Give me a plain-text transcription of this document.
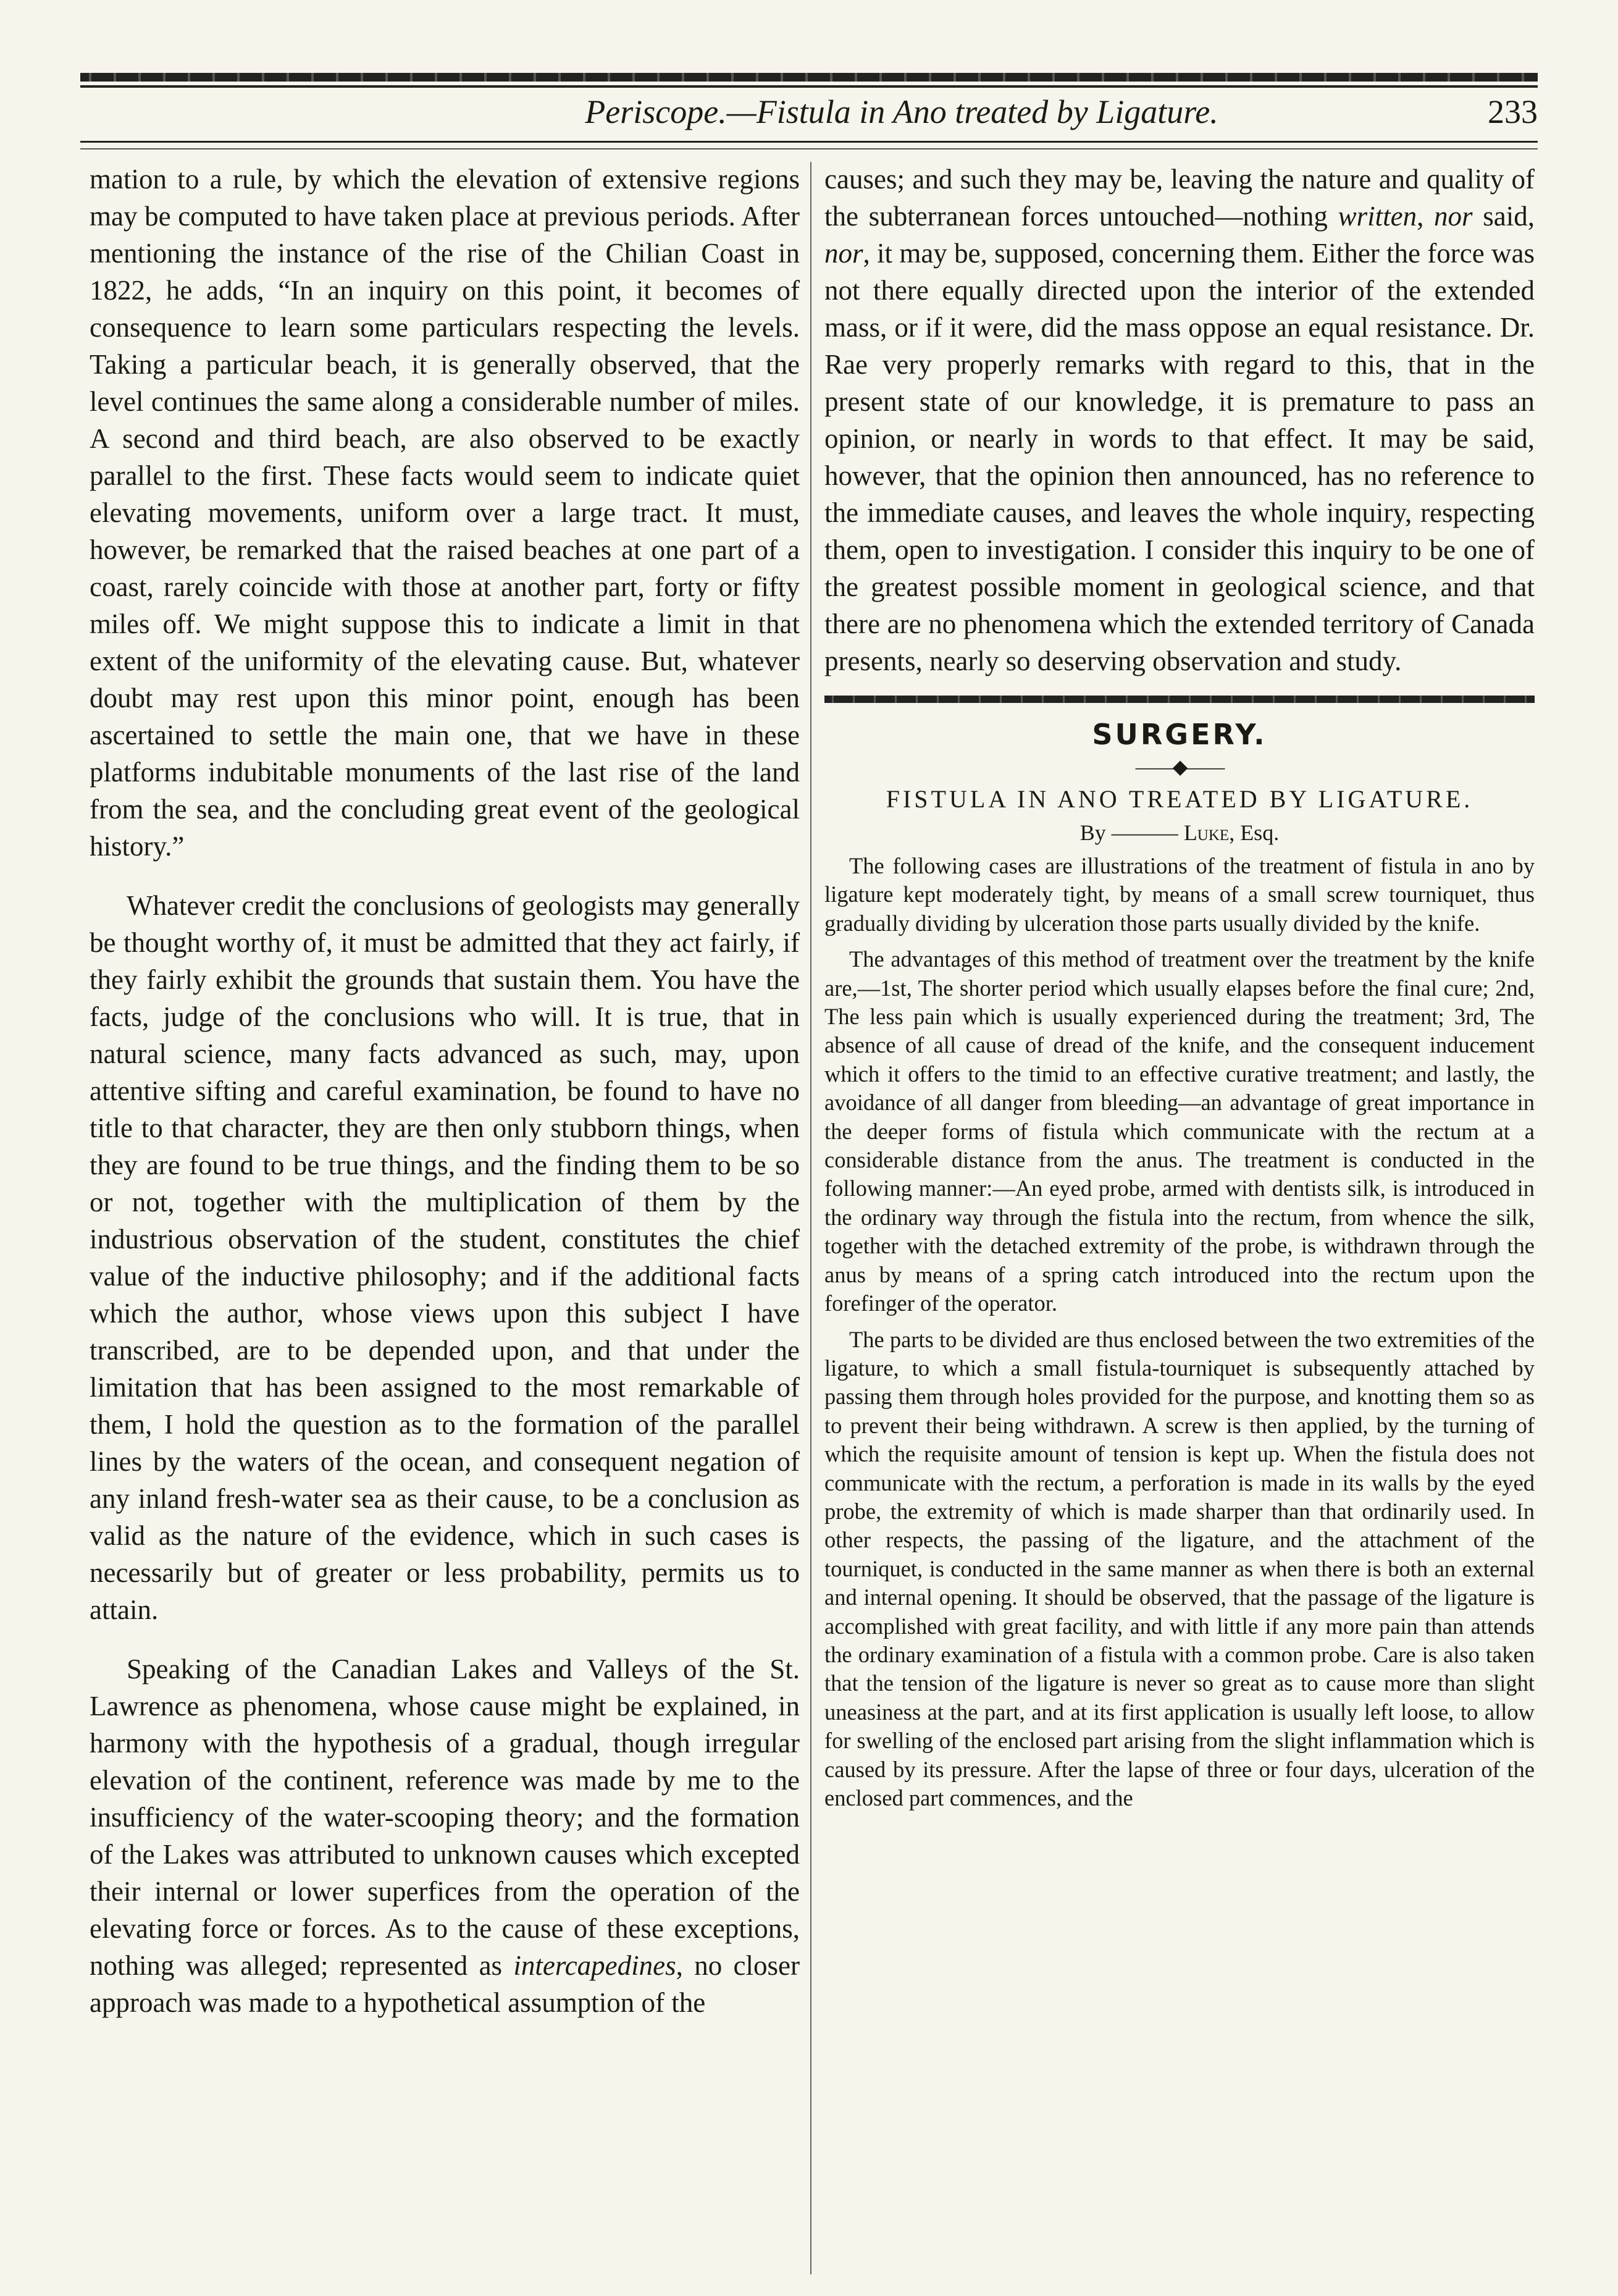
Periscope.—Fistula in Ano treated by Ligature.	233

mation to a rule, by which the elevation of extensive regions may be computed to have taken place at previous periods. After mentioning the instance of the rise of the Chilian Coast in 1822, he adds, “In an inquiry on this point, it becomes of consequence to learn some particulars respecting the levels. Taking a particular beach, it is generally observed, that the level continues the same along a considerable number of miles. A second and third beach, are also observed to be exactly parallel to the first. These facts would seem to indicate quiet elevating movements, uniform over a large tract. It must, however, be remarked that the raised beaches at one part of a coast, rarely coincide with those at another part, forty or fifty miles off. We might suppose this to indicate a limit in that extent of the uniformity of the elevating cause. But, whatever doubt may rest upon this minor point, enough has been ascertained to settle the main one, that we have in these platforms indubitable monuments of the last rise of the land from the sea, and the concluding great event of the geological history.”

Whatever credit the conclusions of geologists may generally be thought worthy of, it must be admitted that they act fairly, if they fairly exhibit the grounds that sustain them. You have the facts, judge of the conclusions who will. It is true, that in natural science, many facts advanced as such, may, upon attentive sifting and careful examination, be found to have no title to that character, they are then only stubborn things, when they are found to be true things, and the finding them to be so or not, together with the multiplication of them by the industrious observation of the student, constitutes the chief value of the inductive philosophy; and if the additional facts which the author, whose views upon this subject I have transcribed, are to be depended upon, and that under the limitation that has been assigned to the most remarkable of them, I hold the question as to the formation of the parallel lines by the waters of the ocean, and consequent negation of any inland fresh-water sea as their cause, to be a conclusion as valid as the nature of the evidence, which in such cases is necessarily but of greater or less probability, permits us to attain.

Speaking of the Canadian Lakes and Valleys of the St. Lawrence as phenomena, whose cause might be explained, in harmony with the hypothesis of a gradual, though irregular elevation of the continent, reference was made by me to the insufficiency of the water-scooping theory; and the formation of the Lakes was attributed to unknown causes which excepted their internal or lower superfices from the operation of the elevating force or forces. As to the cause of these exceptions, nothing was alleged; represented as intercapedines, no closer approach was made to a hypothetical assumption of the

causes; and such they may be, leaving the nature and quality of the subterranean forces untouched—nothing written, nor said, nor, it may be, supposed, concerning them. Either the force was not there equally directed upon the interior of the extended mass, or if it were, did the mass oppose an equal resistance. Dr. Rae very properly remarks with regard to this, that in the present state of our knowledge, it is premature to pass an opinion, or nearly in words to that effect. It may be said, however, that the opinion then announced, has no reference to the immediate causes, and leaves the whole inquiry, respecting them, open to investigation. I consider this inquiry to be one of the greatest possible moment in geological science, and that there are no phenomena which the extended territory of Canada presents, nearly so deserving observation and study.

SURGERY.
——◆——
FISTULA IN ANO TREATED BY LIGATURE.
By ——— Luke, Esq.

The following cases are illustrations of the treatment of fistula in ano by ligature kept moderately tight, by means of a small screw tourniquet, thus gradually dividing by ulceration those parts usually divided by the knife.

The advantages of this method of treatment over the treatment by the knife are,—1st, The shorter period which usually elapses before the final cure; 2nd, The less pain which is usually experienced during the treatment; 3rd, The absence of all cause of dread of the knife, and the consequent inducement which it offers to the timid to an effective curative treatment; and lastly, the avoidance of all danger from bleeding—an advantage of great importance in the deeper forms of fistula which communicate with the rectum at a considerable distance from the anus. The treatment is conducted in the following manner:—An eyed probe, armed with dentists silk, is introduced in the ordinary way through the fistula into the rectum, from whence the silk, together with the detached extremity of the probe, is withdrawn through the anus by means of a spring catch introduced into the rectum upon the forefinger of the operator.

The parts to be divided are thus enclosed between the two extremities of the ligature, to which a small fistula-tourniquet is subsequently attached by passing them through holes provided for the purpose, and knotting them so as to prevent their being withdrawn. A screw is then applied, by the turning of which the requisite amount of tension is kept up. When the fistula does not communicate with the rectum, a perforation is made in its walls by the eyed probe, the extremity of which is made sharper than that ordinarily used. In other respects, the passing of the ligature, and the attachment of the tourniquet, is conducted in the same manner as when there is both an external and internal opening. It should be observed, that the passage of the ligature is accomplished with great facility, and with little if any more pain than attends the ordinary examination of a fistula with a common probe. Care is also taken that the tension of the ligature is never so great as to cause more than slight uneasiness at the part, and at its first application is usually left loose, to allow for swelling of the enclosed part arising from the slight inflammation which is caused by its pressure. After the lapse of three or four days, ulceration of the enclosed part commences, and the
